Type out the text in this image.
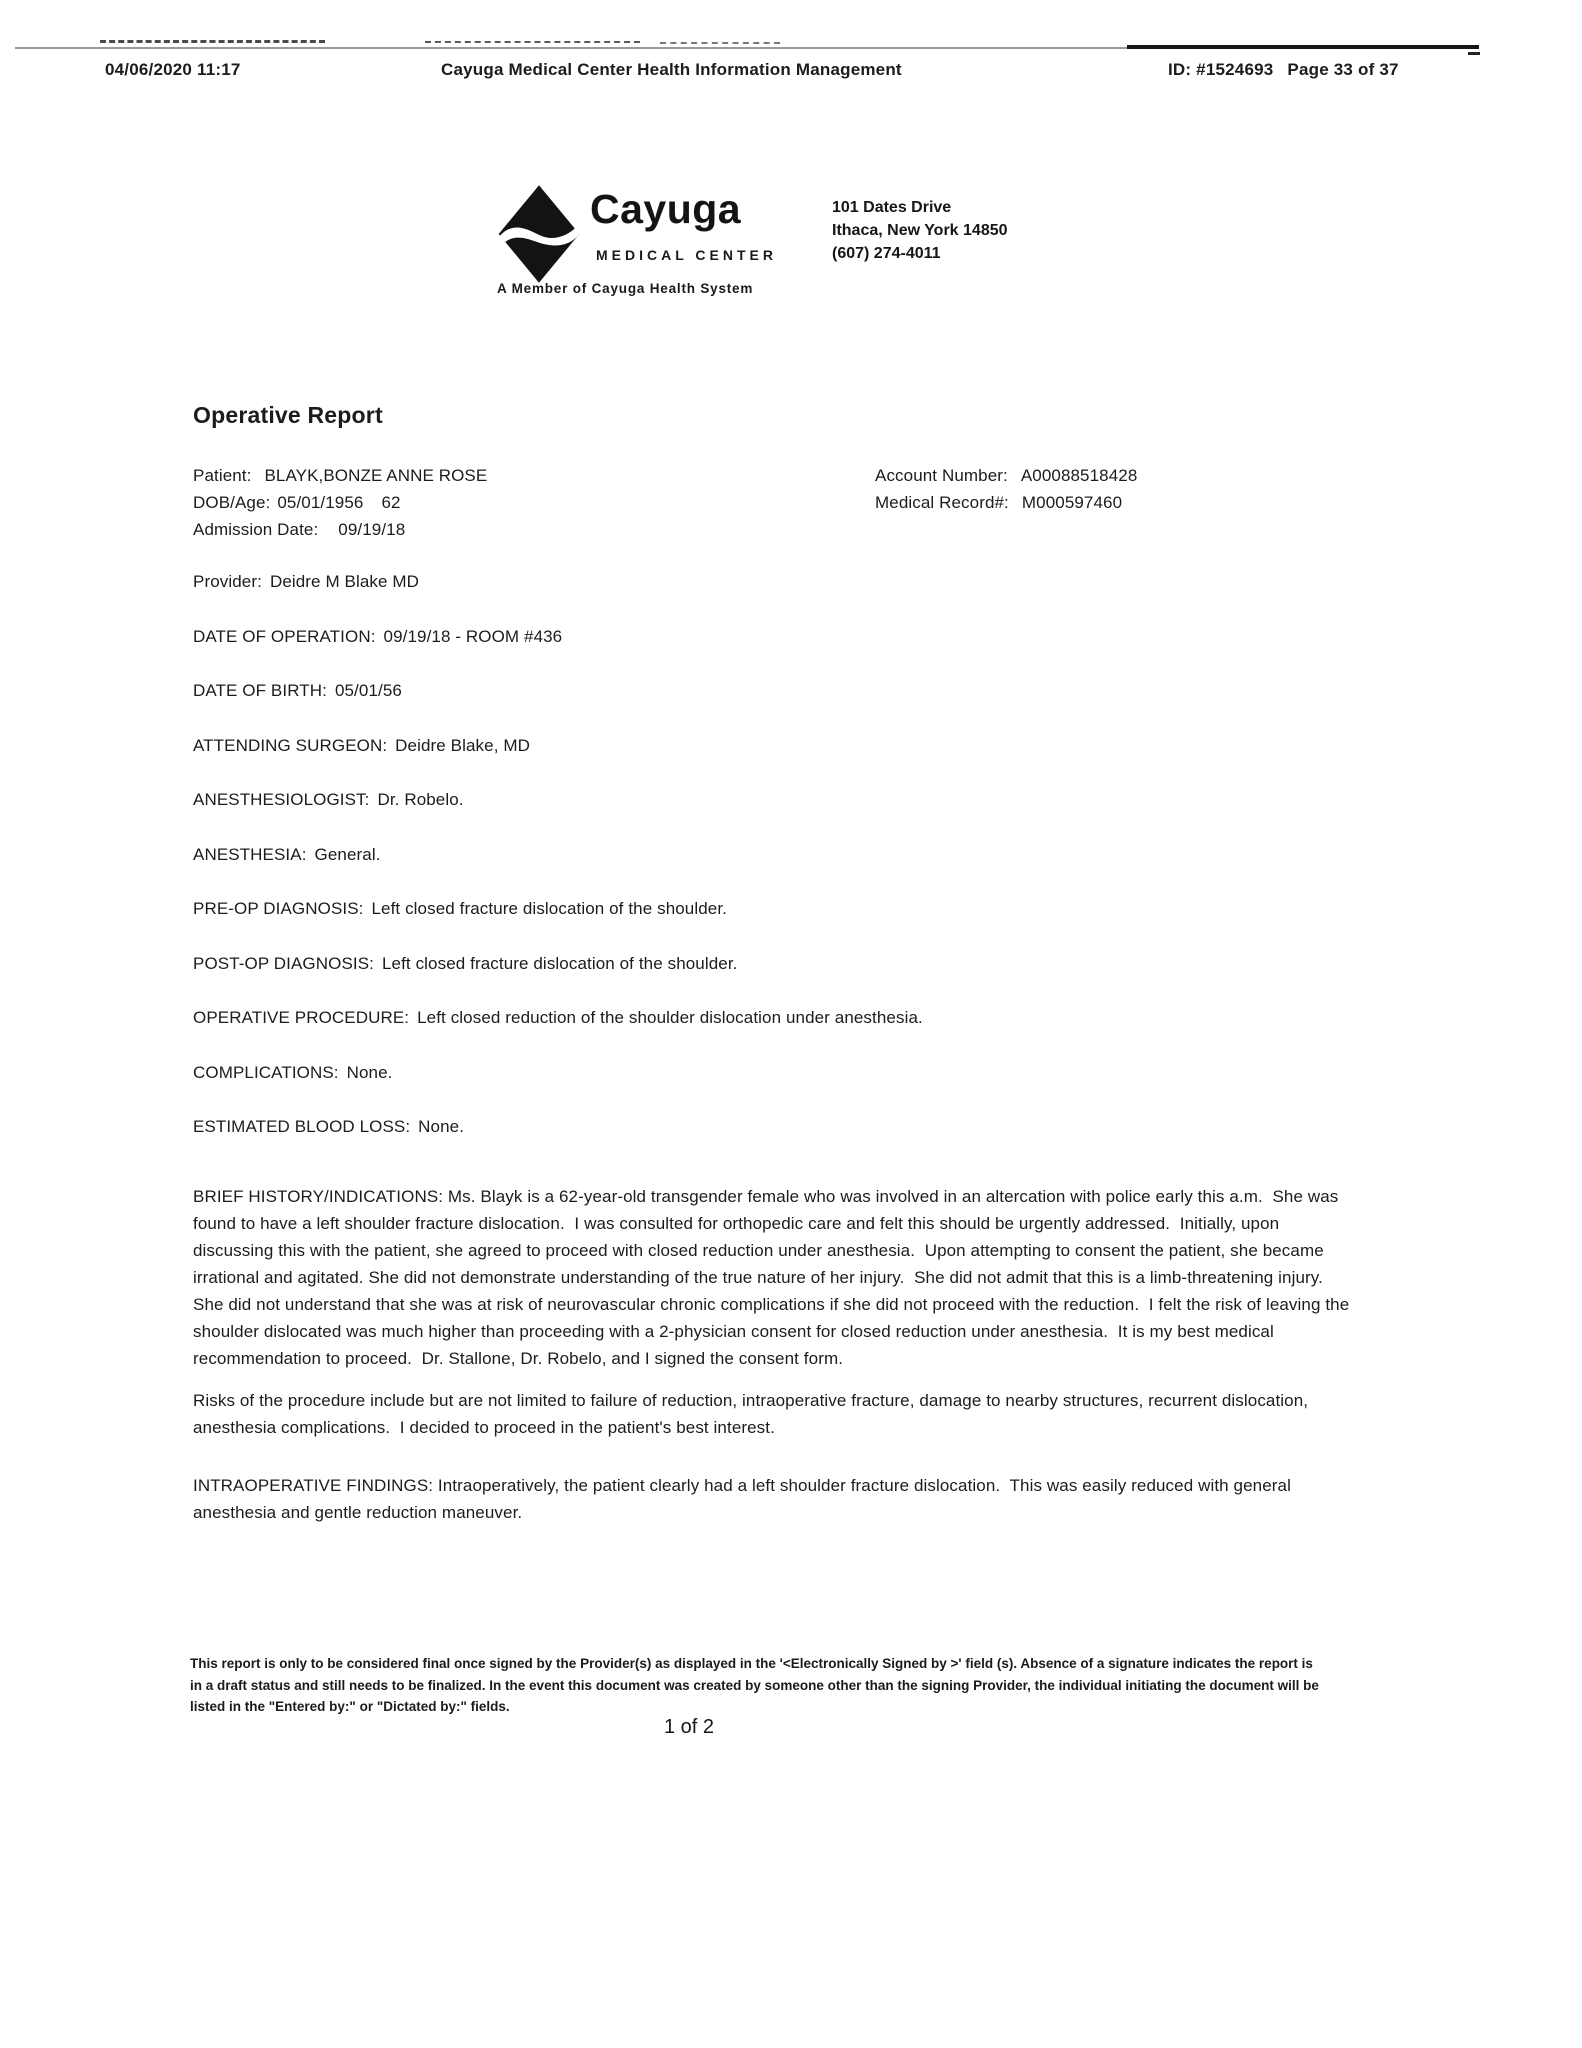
04/06/2020 11:17	Cayuga Medical Center Health Information Management	ID: #1524693 Page 33 of 37
Cayuga
MEDICAL CENTER
A Member of Cayuga Health System
101 Dates Drive
Ithaca, New York 14850
(607) 274-4011
Operative Report
Patient: BLAYK,BONZE ANNE ROSE
DOB/Age: 05/01/1956 62
Admission Date: 09/19/18
Account Number: A00088518428
Medical Record#: M000597460
Provider: Deidre M Blake MD
DATE OF OPERATION: 09/19/18 - ROOM #436
DATE OF BIRTH: 05/01/56
ATTENDING SURGEON: Deidre Blake, MD
ANESTHESIOLOGIST: Dr. Robelo.
ANESTHESIA: General.
PRE-OP DIAGNOSIS: Left closed fracture dislocation of the shoulder.
POST-OP DIAGNOSIS: Left closed fracture dislocation of the shoulder.
OPERATIVE PROCEDURE: Left closed reduction of the shoulder dislocation under anesthesia.
COMPLICATIONS: None.
ESTIMATED BLOOD LOSS: None.

BRIEF HISTORY/INDICATIONS: Ms. Blayk is a 62-year-old transgender female who was involved in an altercation with police early this a.m.  She was found to have a left shoulder fracture dislocation.  I was consulted for orthopedic care and felt this should be urgently addressed.  Initially, upon discussing this with the patient, she agreed to proceed with closed reduction under anesthesia.  Upon attempting to consent the patient, she became irrational and agitated. She did not demonstrate understanding of the true nature of her injury.  She did not admit that this is a limb-threatening injury.  She did not understand that she was at risk of neurovascular chronic complications if she did not proceed with the reduction.  I felt the risk of leaving the shoulder dislocated was much higher than proceeding with a 2-physician consent for closed reduction under anesthesia.  It is my best medical recommendation to proceed.  Dr. Stallone, Dr. Robelo, and I signed the consent form.

Risks of the procedure include but are not limited to failure of reduction, intraoperative fracture, damage to nearby structures, recurrent dislocation, anesthesia complications.  I decided to proceed in the patient's best interest.

INTRAOPERATIVE FINDINGS: Intraoperatively, the patient clearly had a left shoulder fracture dislocation.  This was easily reduced with general anesthesia and gentle reduction maneuver.

This report is only to be considered final once signed by the Provider(s) as displayed in the '<Electronically Signed by >' field (s). Absence of a signature indicates the report is in a draft status and still needs to be finalized. In the event this document was created by someone other than the signing Provider, the individual initiating the document will be listed in the "Entered by:" or "Dictated by:" fields.
1 of 2
